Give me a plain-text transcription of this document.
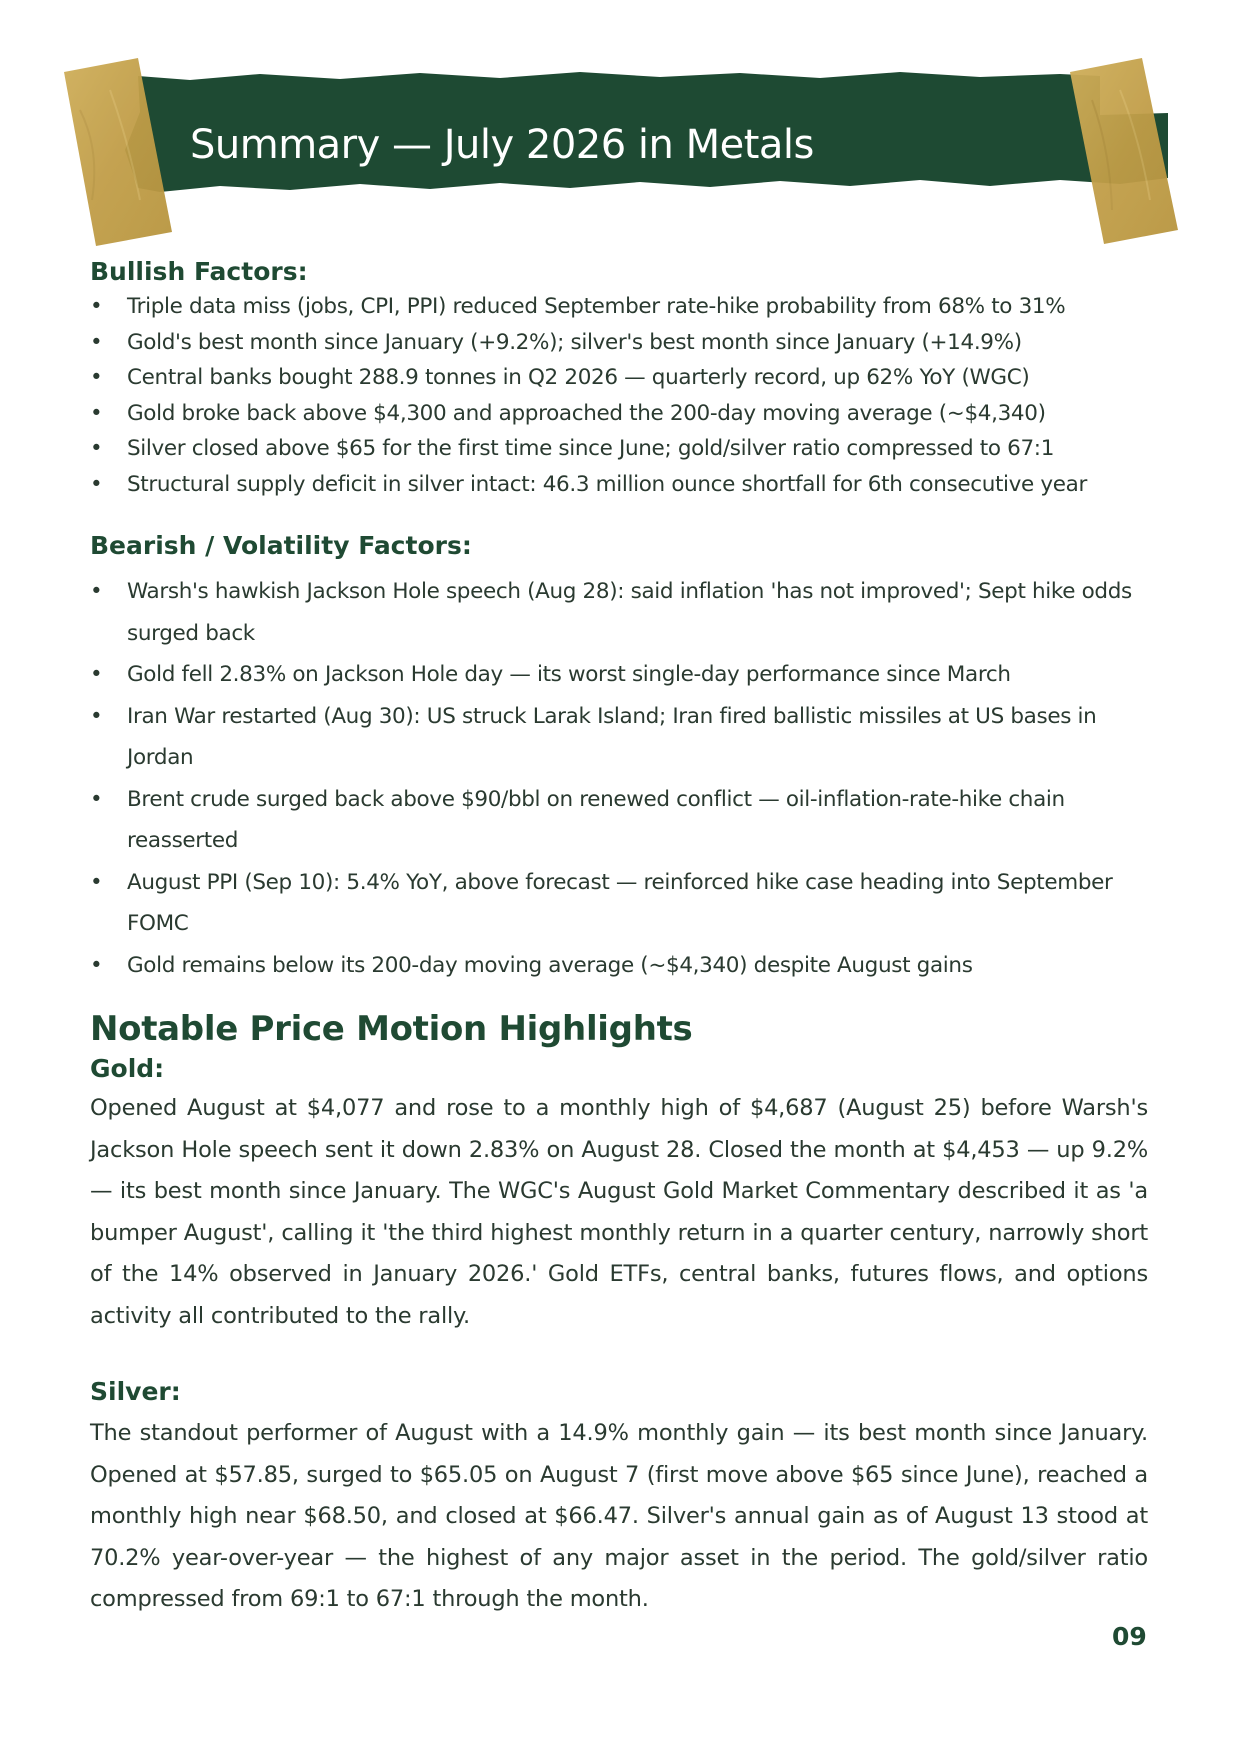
Summary — July 2026 in Metals
Bullish Factors:
• Triple data miss (jobs, CPI, PPI) reduced September rate-hike probability from 68% to 31%
• Gold's best month since January (+9.2%); silver's best month since January (+14.9%)
• Central banks bought 288.9 tonnes in Q2 2026 — quarterly record, up 62% YoY (WGC)
• Gold broke back above $4,300 and approached the 200-day moving average (~$4,340)
• Silver closed above $65 for the first time since June; gold/silver ratio compressed to 67:1
• Structural supply deficit in silver intact: 46.3 million ounce shortfall for 6th consecutive year
Bearish / Volatility Factors:
• Warsh's hawkish Jackson Hole speech (Aug 28): said inflation 'has not improved'; Sept hike odds surged back
• Gold fell 2.83% on Jackson Hole day — its worst single-day performance since March
• Iran War restarted (Aug 30): US struck Larak Island; Iran fired ballistic missiles at US bases in Jordan
• Brent crude surged back above $90/bbl on renewed conflict — oil-inflation-rate-hike chain reasserted
• August PPI (Sep 10): 5.4% YoY, above forecast — reinforced hike case heading into September FOMC
• Gold remains below its 200-day moving average (~$4,340) despite August gains
Notable Price Motion Highlights
Gold:

Opened August at $4,077 and rose to a monthly high of $4,687 (August 25) before Warsh's Jackson Hole speech sent it down 2.83% on August 28. Closed the month at $4,453 — up 9.2% — its best month since January. The WGC's August Gold Market Commentary described it as 'a bumper August', calling it 'the third highest monthly return in a quarter century, narrowly short of the 14% observed in January 2026.' Gold ETFs, central banks, futures flows, and options activity all contributed to the rally.

Silver:

The standout performer of August with a 14.9% monthly gain — its best month since January. Opened at $57.85, surged to $65.05 on August 7 (first move above $65 since June), reached a monthly high near $68.50, and closed at $66.47. Silver's annual gain as of August 13 stood at 70.2% year-over-year — the highest of any major asset in the period. The gold/silver ratio compressed from 69:1 to 67:1 through the month.

09
